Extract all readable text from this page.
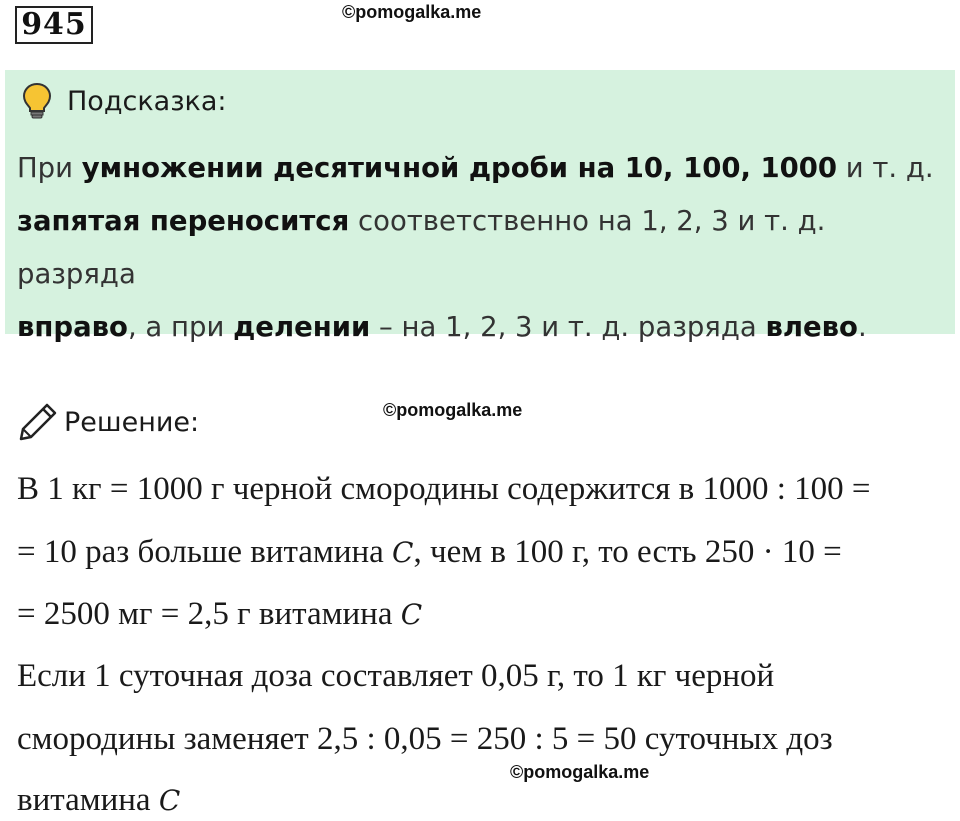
945	©pomogalka.me
Подсказка:
При умножении десятичной дроби на 10, 100, 1000 и т. д.
запятая переносится соответственно на 1, 2, 3 и т. д. разряда
вправо, а при делении – на 1, 2, 3 и т. д. разряда влево.
Решение:	©pomogalka.me
В 1 кг = 1000 г черной смородины содержится в 1000 : 100 =
= 10 раз больше витамина C, чем в 100 г, то есть 250 · 10 =
= 2500 мг = 2,5 г витамина C
Если 1 суточная доза составляет 0,05 г, то 1 кг черной
смородины заменяет 2,5 : 0,05 = 250 : 5 = 50 суточных доз
©pomogalka.me
витамина C
